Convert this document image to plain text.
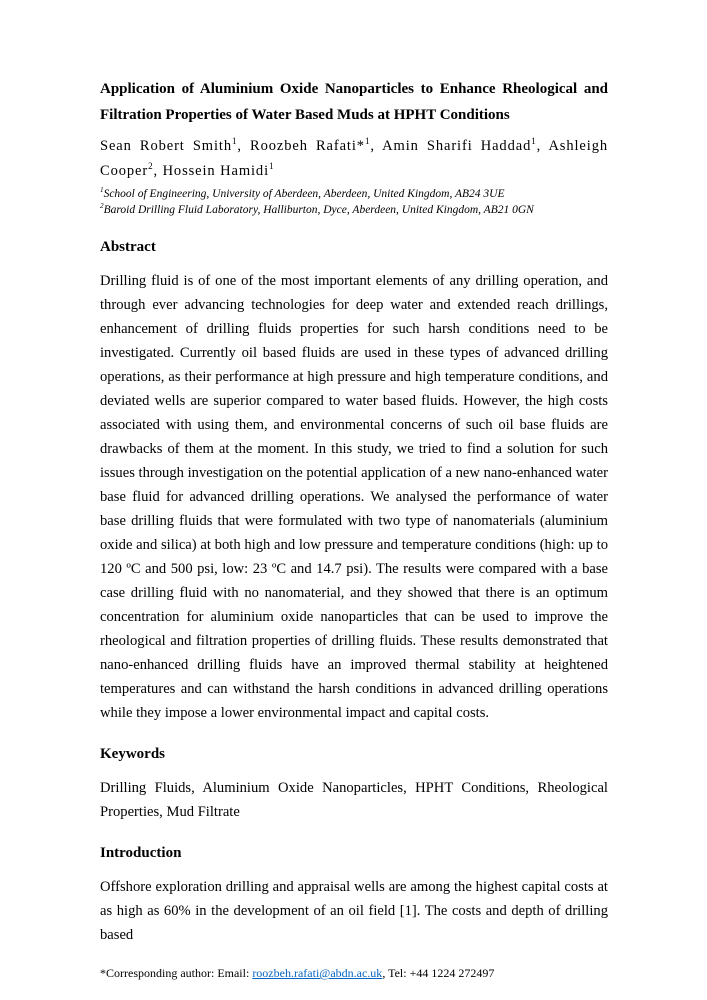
Application of Aluminium Oxide Nanoparticles to Enhance Rheological and Filtration Properties of Water Based Muds at HPHT Conditions

Sean Robert Smith$^1$, Roozbeh Rafati*$^1$, Amin Sharifi Haddad$^1$, Ashleigh Cooper$^2$, Hossein Hamidi$^1$

$^1$School of Engineering, University of Aberdeen, Aberdeen, United Kingdom, AB24 3UE
$^2$Baroid Drilling Fluid Laboratory, Halliburton, Dyce, Aberdeen, United Kingdom, AB21 0GN
Abstract

Drilling fluid is of one of the most important elements of any drilling operation, and through ever advancing technologies for deep water and extended reach drillings, enhancement of drilling fluids properties for such harsh conditions need to be investigated. Currently oil based fluids are used in these types of advanced drilling operations, as their performance at high pressure and high temperature conditions, and deviated wells are superior compared to water based fluids. However, the high costs associated with using them, and environmental concerns of such oil base fluids are drawbacks of them at the moment. In this study, we tried to find a solution for such issues through investigation on the potential application of a new nano-enhanced water base fluid for advanced drilling operations. We analysed the performance of water base drilling fluids that were formulated with two type of nanomaterials (aluminium oxide and silica) at both high and low pressure and temperature conditions (high: up to 120 ºC and 500 psi, low: 23 ºC and 14.7 psi). The results were compared with a base case drilling fluid with no nanomaterial, and they showed that there is an optimum concentration for aluminium oxide nanoparticles that can be used to improve the rheological and filtration properties of drilling fluids. These results demonstrated that nano-enhanced drilling fluids have an improved thermal stability at heightened temperatures and can withstand the harsh conditions in advanced drilling operations while they impose a lower environmental impact and capital costs.

Keywords

Drilling Fluids, Aluminium Oxide Nanoparticles, HPHT Conditions, Rheological Properties, Mud Filtrate

Introduction

Offshore exploration drilling and appraisal wells are among the highest capital costs at as high as 60% in the development of an oil field [1]. The costs and depth of drilling based

*Corresponding author: Email: roozbeh.rafati@abdn.ac.uk, Tel: +44 1224 272497
